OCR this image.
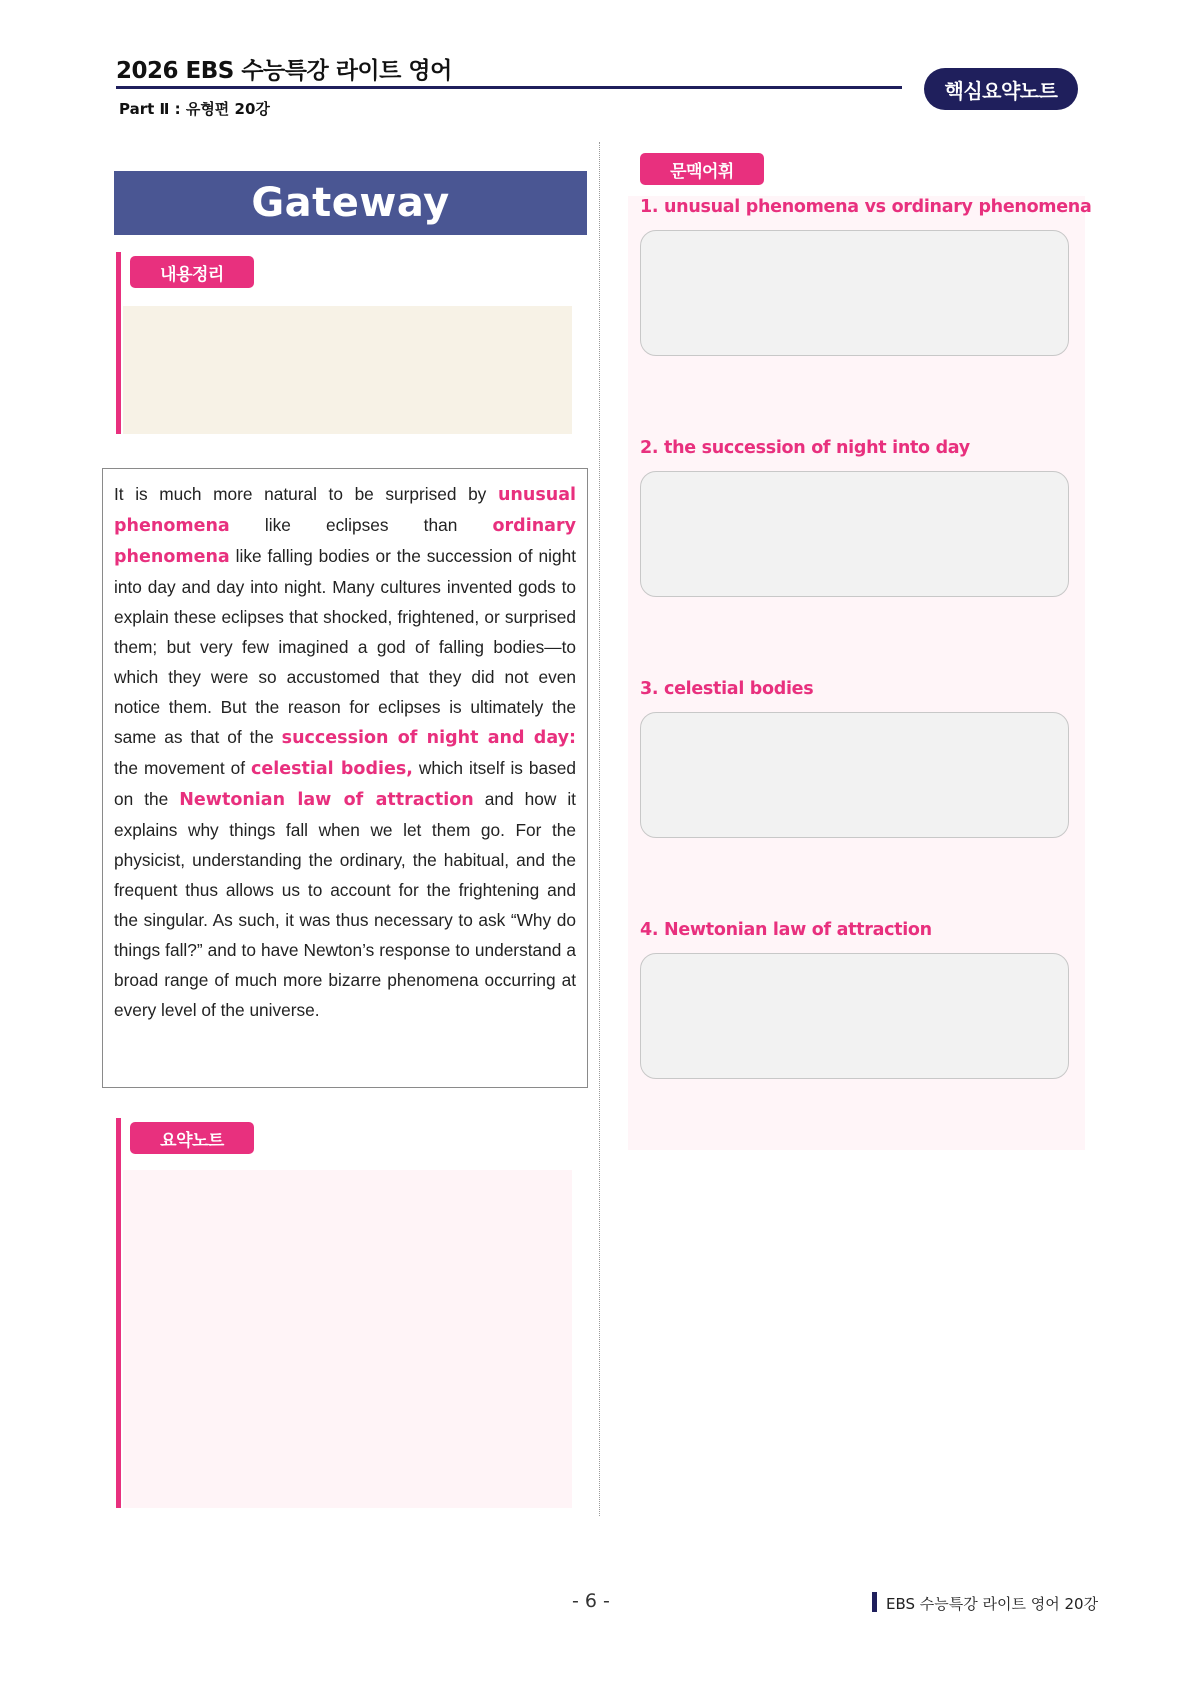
2026 EBS 수능특강 라이트 영어
Part Ⅱ : 유형편 20강
핵심요약노트
Gateway
내용정리

It is much more natural to be surprised by unusual phenomena like eclipses than ordinary phenomena like falling bodies or the succession of night into day and day into night. Many cultures invented gods to explain these eclipses that shocked, frightened, or surprised them; but very few imagined a god of falling bodies—to which they were so accustomed that they did not even notice them. But the reason for eclipses is ultimately the same as that of the succession of night and day: the movement of celestial bodies, which itself is based on the Newtonian law of attraction and how it explains why things fall when we let them go. For the physicist, understanding the ordinary, the habitual, and the frequent thus allows us to account for the frightening and the singular. As such, it was thus necessary to ask “Why do things fall?” and to have Newton’s response to understand a broad range of much more bizarre phenomena occurring at every level of the universe.

요약노트
문맥어휘
1. unusual phenomena vs ordinary phenomena
2. the succession of night into day
3. celestial bodies
4. Newtonian law of attraction
- 6 -	EBS 수능특강 라이트 영어 20강
